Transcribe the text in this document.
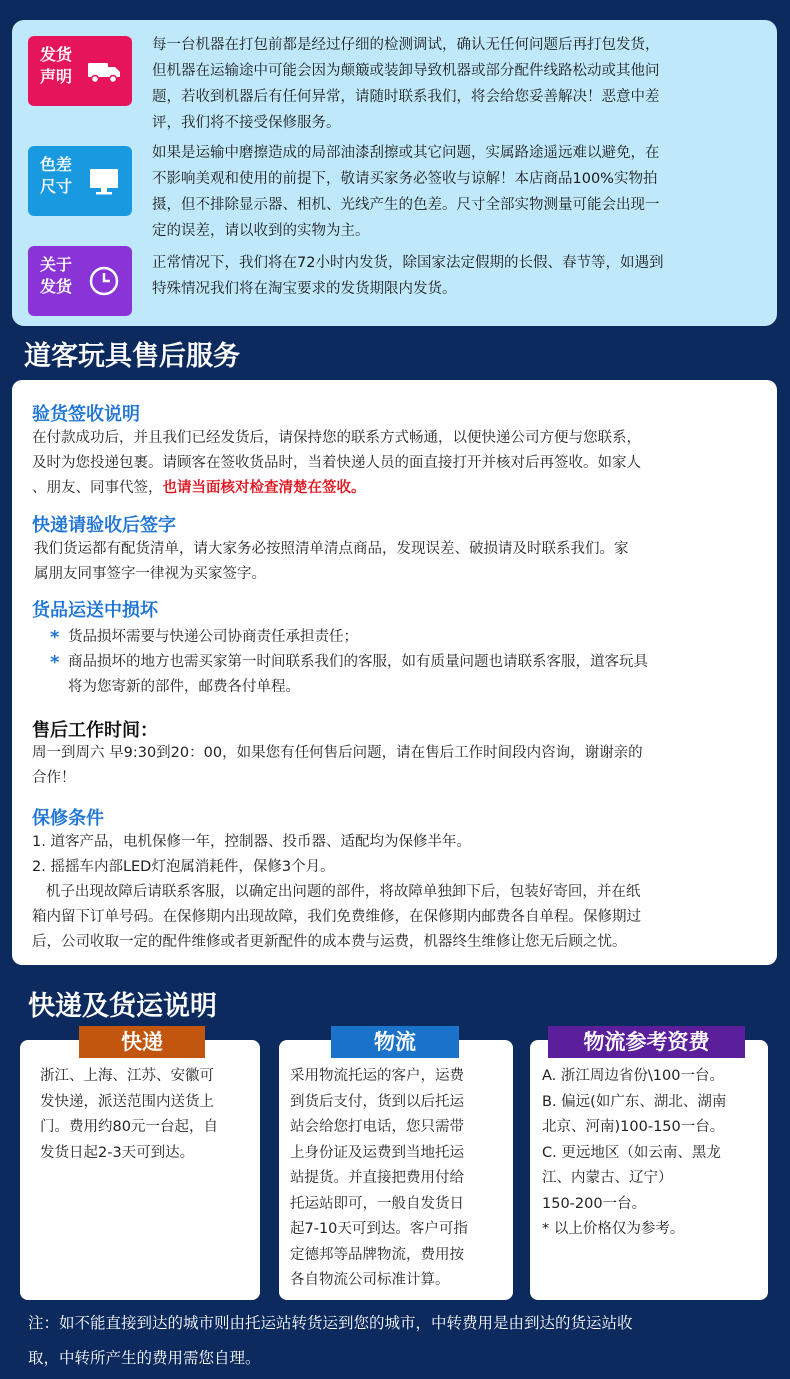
发货
声明
每一台机器在打包前都是经过仔细的检测调试，确认无任何问题后再打包发货，
但机器在运输途中可能会因为颠簸或装卸导致机器或部分配件线路松动或其他问
题，若收到机器后有任何异常，请随时联系我们，将会给您妥善解决！恶意中差
评，我们将不接受保修服务。
色差
尺寸
如果是运输中磨擦造成的局部油漆刮擦或其它问题，实属路途遥远难以避免，在
不影响美观和使用的前提下，敬请买家务必签收与谅解！本店商品100%实物拍
摄，但不排除显示器、相机、光线产生的色差。尺寸全部实物测量可能会出现一
定的误差，请以收到的实物为主。
关于
发货
正常情况下，我们将在72小时内发货，除国家法定假期的长假、春节等，如遇到
特殊情况我们将在淘宝要求的发货期限内发货。
道客玩具售后服务
验货签收说明
在付款成功后，并且我们已经发货后，请保持您的联系方式畅通，以便快递公司方便与您联系，
及时为您投递包裹。请顾客在签收货品时，当着快递人员的面直接打开并核对后再签收。如家人
、朋友、同事代签，也请当面核对检查清楚在签收。
快递请验收后签字
我们货运都有配货清单，请大家务必按照清单清点商品，发现误差、破损请及时联系我们。家
属朋友同事签字一律视为买家签字。
货品运送中损坏
* 货品损坏需要与快递公司协商责任承担责任；
* 商品损坏的地方也需买家第一时间联系我们的客服，如有质量问题也请联系客服，道客玩具
将为您寄新的部件，邮费各付单程。
售后工作时间：
周一到周六 早9:30到20：00，如果您有任何售后问题，请在售后工作时间段内咨询，谢谢亲的
合作！
保修条件
1. 道客产品，电机保修一年，控制器、投币器、适配均为保修半年。
2. 摇摇车内部LED灯泡属消耗件，保修3个月。
机子出现故障后请联系客服，以确定出问题的部件，将故障单独卸下后，包装好寄回，并在纸
箱内留下订单号码。在保修期内出现故障，我们免费维修，在保修期内邮费各自单程。保修期过
后，公司收取一定的配件维修或者更新配件的成本费与运费，机器终生维修让您无后顾之忧。
快递及货运说明
浙江、上海、江苏、安徽可
发快递，派送范围内送货上
门。费用约80元一台起，自
发货日起2-3天可到达。
快递
采用物流托运的客户，运费
到货后支付，货到以后托运
站会给您打电话，您只需带
上身份证及运费到当地托运
站提货。并直接把费用付给
托运站即可，一般自发货日
起7-10天可到达。客户可指
定德邦等品牌物流，费用按
各自物流公司标准计算。
物流
A. 浙江周边省份\100一台。
B. 偏远(如广东、湖北、湖南
北京、河南)100-150一台。
C. 更远地区（如云南、黑龙
江、内蒙古、辽宁）
150-200一台。
* 以上价格仅为参考。
物流参考资费
注：如不能直接到达的城市则由托运站转货运到您的城市，中转费用是由到达的货运站收
取，中转所产生的费用需您自理。
